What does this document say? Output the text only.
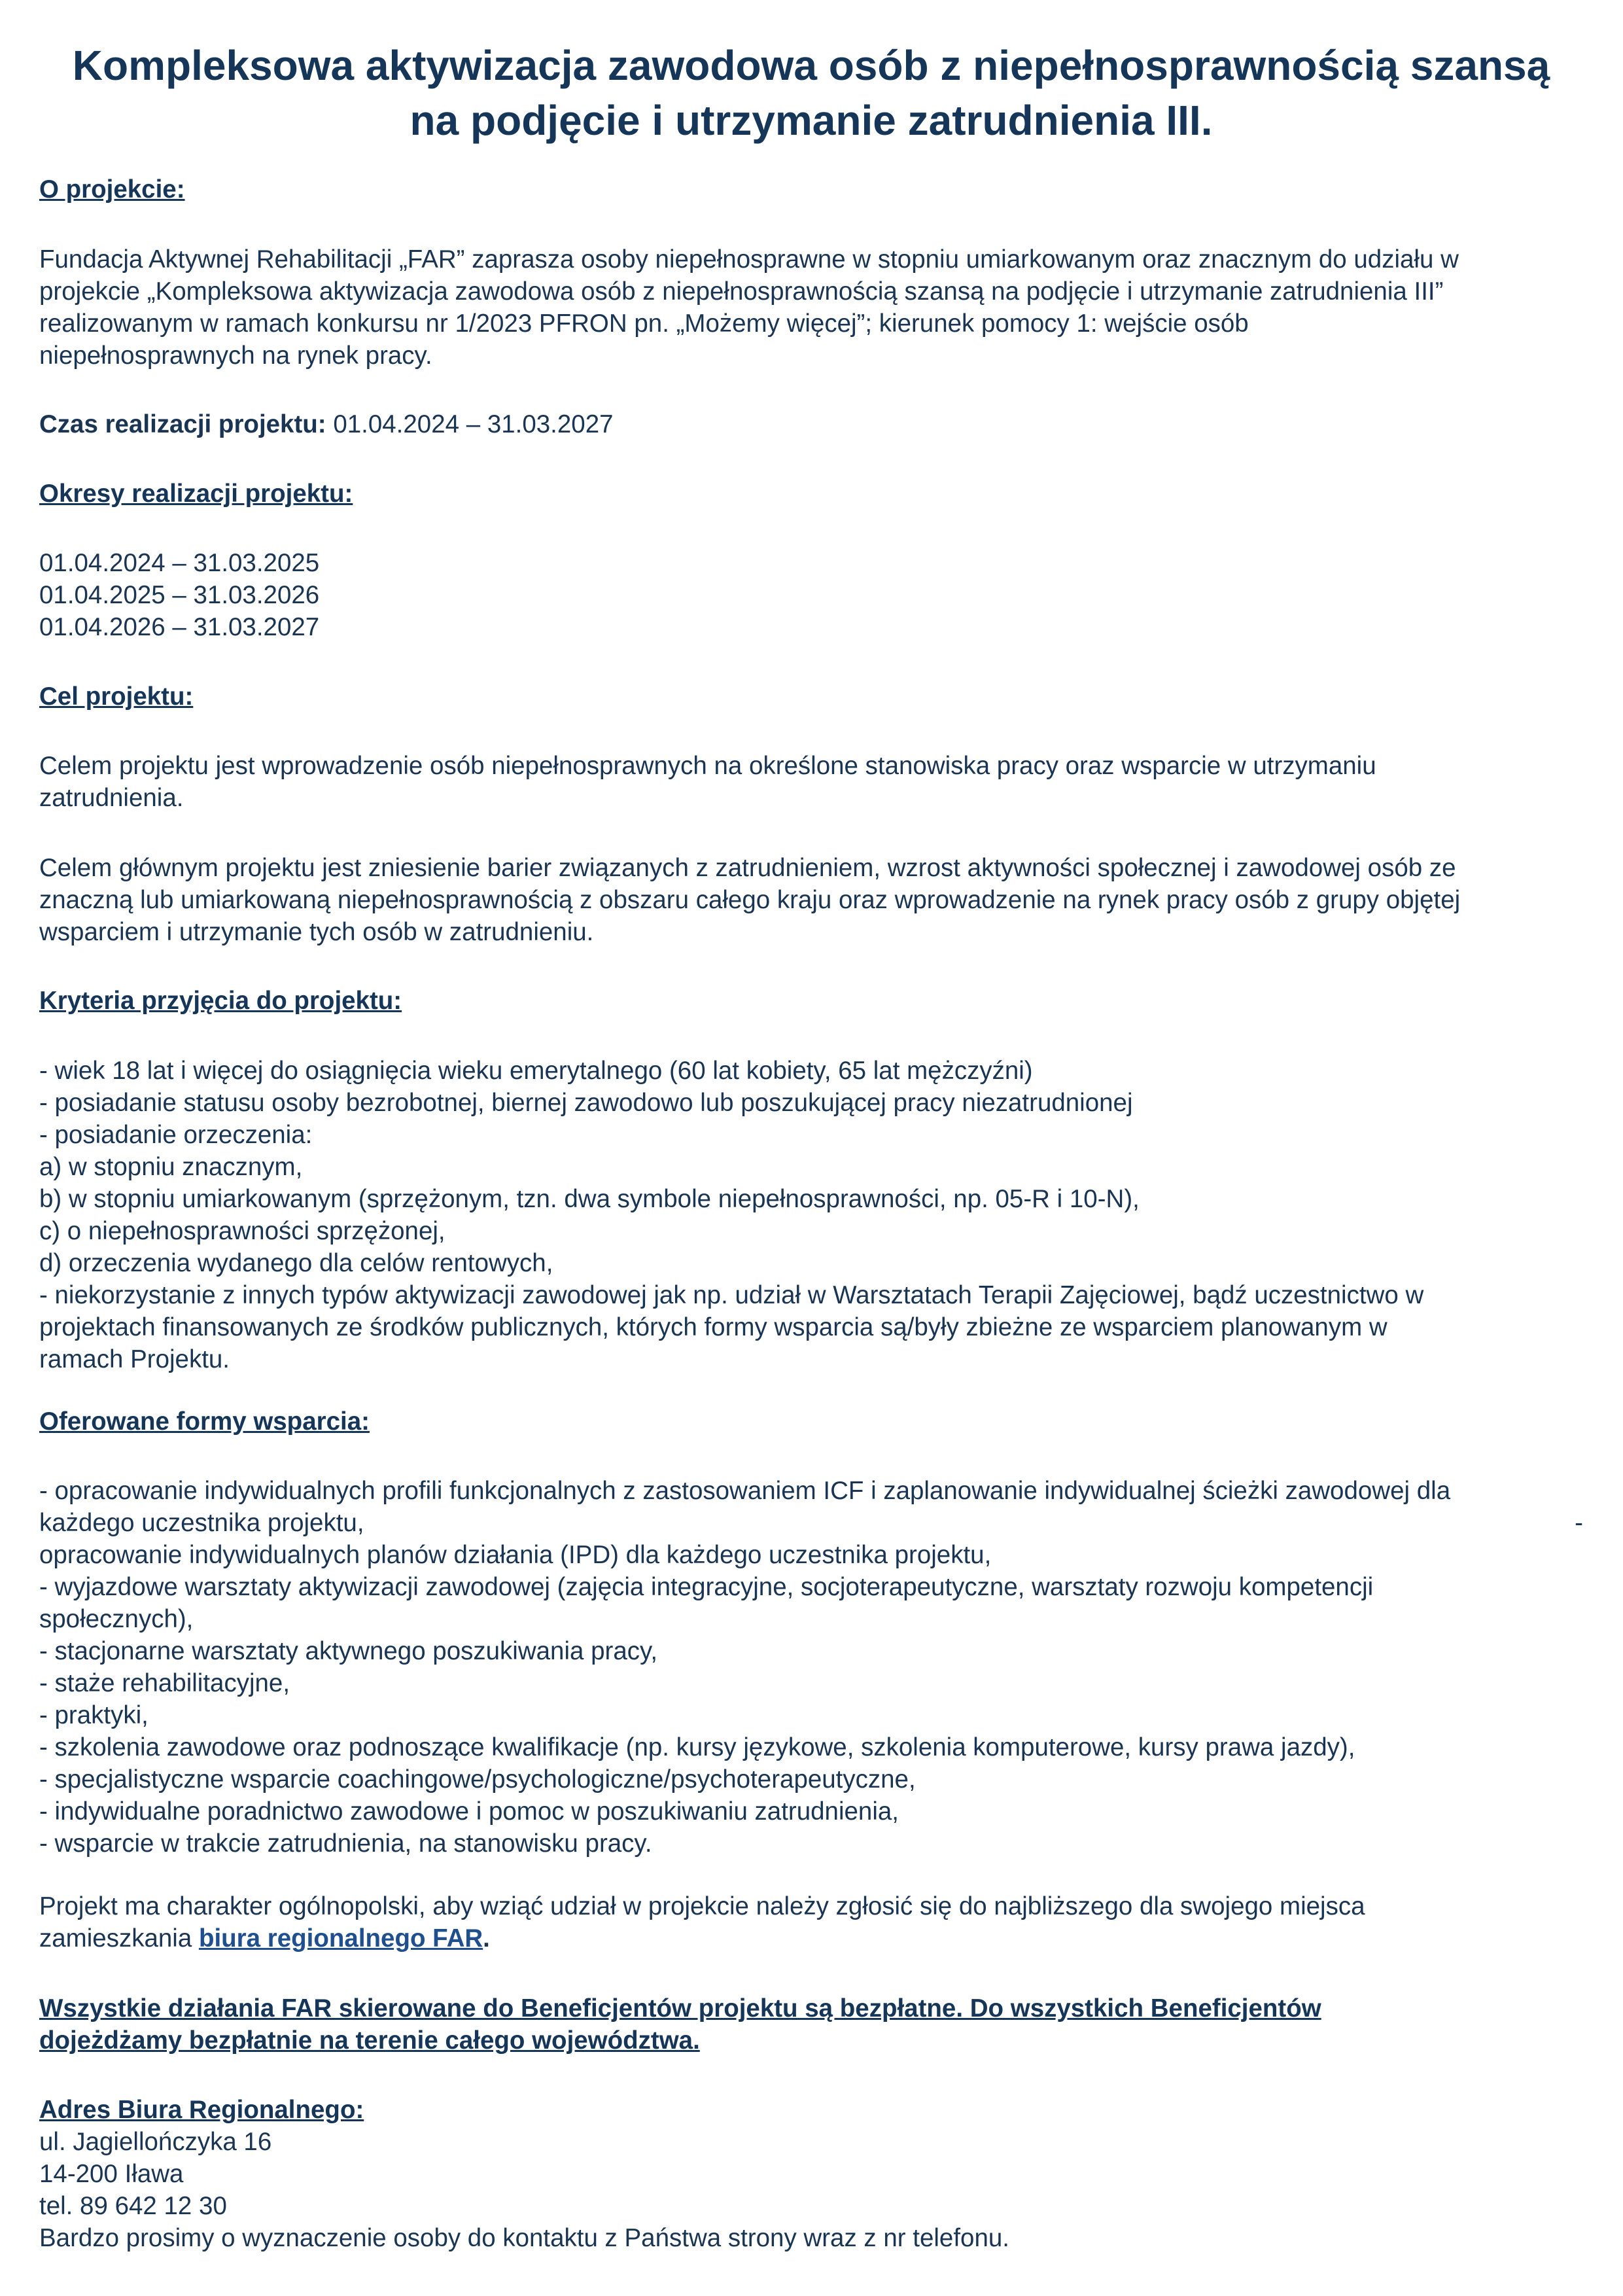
Kompleksowa aktywizacja zawodowa osób z niepełnosprawnością szansą
na podjęcie i utrzymanie zatrudnienia III.
O projekcie:
Fundacja Aktywnej Rehabilitacji „FAR” zaprasza osoby niepełnosprawne w stopniu umiarkowanym oraz znacznym do udziału w
projekcie „Kompleksowa aktywizacja zawodowa osób z niepełnosprawnością szansą na podjęcie i utrzymanie zatrudnienia III”
realizowanym w ramach konkursu nr 1/2023 PFRON pn. „Możemy więcej”; kierunek pomocy 1: wejście osób
niepełnosprawnych na rynek pracy.
Czas realizacji projektu: 01.04.2024 – 31.03.2027
Okresy realizacji projektu:
01.04.2024 – 31.03.2025
01.04.2025 – 31.03.2026
01.04.2026 – 31.03.2027
Cel projektu:
Celem projektu jest wprowadzenie osób niepełnosprawnych na określone stanowiska pracy oraz wsparcie w utrzymaniu
zatrudnienia.
Celem głównym projektu jest zniesienie barier związanych z zatrudnieniem, wzrost aktywności społecznej i zawodowej osób ze
znaczną lub umiarkowaną niepełnosprawnością z obszaru całego kraju oraz wprowadzenie na rynek pracy osób z grupy objętej
wsparciem i utrzymanie tych osób w zatrudnieniu.
Kryteria przyjęcia do projektu:
- wiek 18 lat i więcej do osiągnięcia wieku emerytalnego (60 lat kobiety, 65 lat mężczyźni)
- posiadanie statusu osoby bezrobotnej, biernej zawodowo lub poszukującej pracy niezatrudnionej
- posiadanie orzeczenia:
a) w stopniu znacznym,
b) w stopniu umiarkowanym (sprzężonym, tzn. dwa symbole niepełnosprawności, np. 05-R i 10-N),
c) o niepełnosprawności sprzężonej,
d) orzeczenia wydanego dla celów rentowych,
- niekorzystanie z innych typów aktywizacji zawodowej jak np. udział w Warsztatach Terapii Zajęciowej, bądź uczestnictwo w
projektach finansowanych ze środków publicznych, których formy wsparcia są/były zbieżne ze wsparciem planowanym w
ramach Projektu.
Oferowane formy wsparcia:
- opracowanie indywidualnych profili funkcjonalnych z zastosowaniem ICF i zaplanowanie indywidualnej ścieżki zawodowej dla
każdego uczestnika projektu,	-
opracowanie indywidualnych planów działania (IPD) dla każdego uczestnika projektu,
- wyjazdowe warsztaty aktywizacji zawodowej (zajęcia integracyjne, socjoterapeutyczne, warsztaty rozwoju kompetencji
społecznych),
- stacjonarne warsztaty aktywnego poszukiwania pracy,
- staże rehabilitacyjne,
- praktyki,
- szkolenia zawodowe oraz podnoszące kwalifikacje (np. kursy językowe, szkolenia komputerowe, kursy prawa jazdy),
- specjalistyczne wsparcie coachingowe/psychologiczne/psychoterapeutyczne,
- indywidualne poradnictwo zawodowe i pomoc w poszukiwaniu zatrudnienia,
- wsparcie w trakcie zatrudnienia, na stanowisku pracy.
Projekt ma charakter ogólnopolski, aby wziąć udział w projekcie należy zgłosić się do najbliższego dla swojego miejsca
zamieszkania biura regionalnego FAR.
Wszystkie działania FAR skierowane do Beneficjentów projektu są bezpłatne. Do wszystkich Beneficjentów
dojeżdżamy bezpłatnie na terenie całego województwa.
Adres Biura Regionalnego:
ul. Jagiellończyka 16
14-200 Iława
tel. 89 642 12 30
Bardzo prosimy o wyznaczenie osoby do kontaktu z Państwa strony wraz z nr telefonu.
